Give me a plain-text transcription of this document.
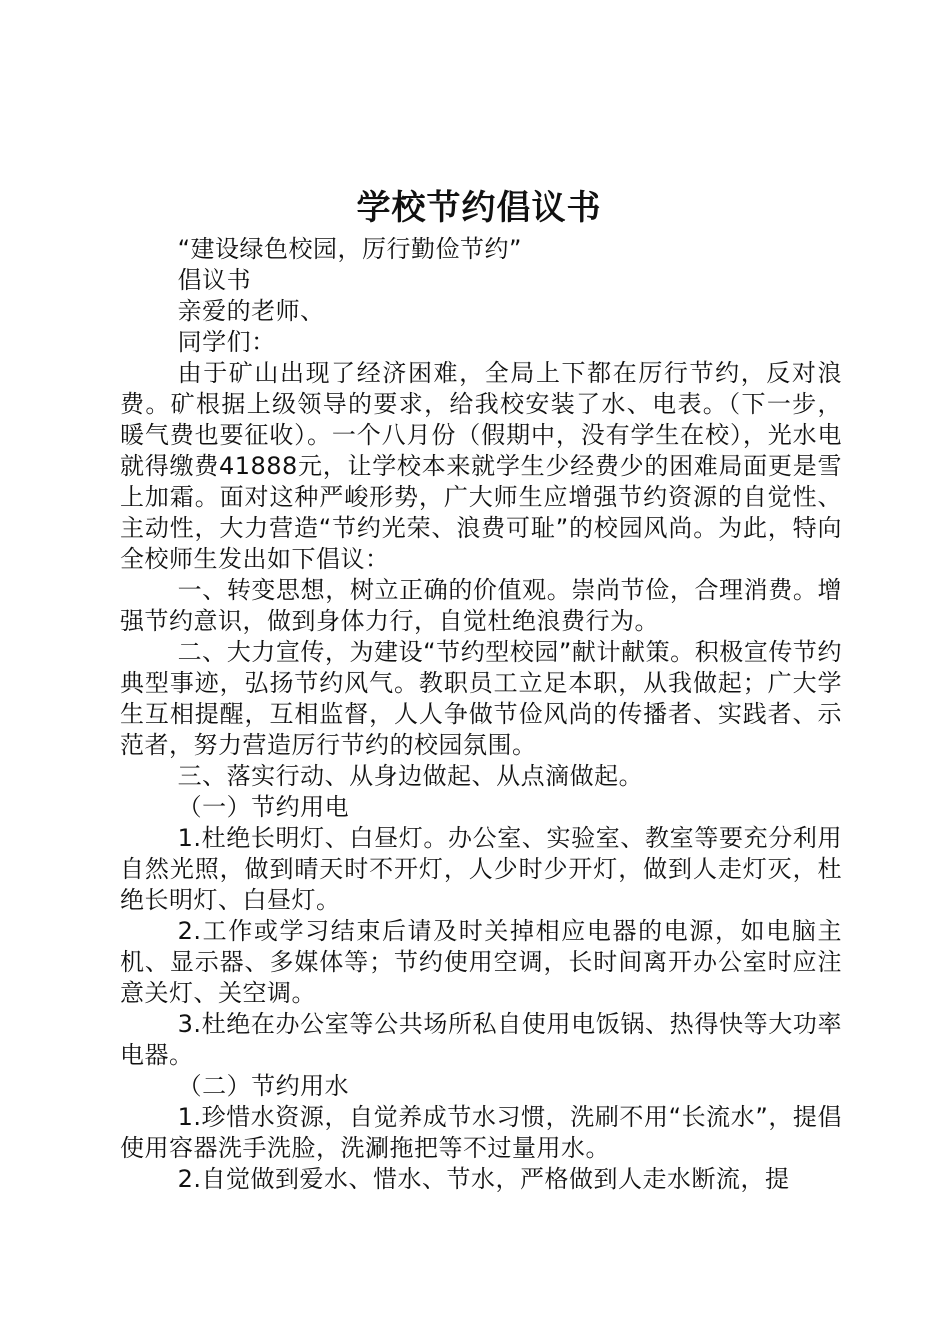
学校节约倡议书

“建设绿色校园，厉行勤俭节约”

倡议书

亲爱的老师、

同学们：

由于矿山出现了经济困难，全局上下都在厉行节约，反对浪费。矿根据上级领导的要求，给我校安装了水、电表。（下一步，暖气费也要征收）。一个八月份（假期中，没有学生在校），光水电就得缴费41888元，让学校本来就学生少经费少的困难局面更是雪上加霜。面对这种严峻形势，广大师生应增强节约资源的自觉性、主动性，大力营造“节约光荣、浪费可耻”的校园风尚。为此，特向全校师生发出如下倡议：

一、转变思想，树立正确的价值观。崇尚节俭，合理消费。增强节约意识，做到身体力行，自觉杜绝浪费行为。

二、大力宣传，为建设“节约型校园”献计献策。积极宣传节约典型事迹，弘扬节约风气。教职员工立足本职，从我做起；广大学生互相提醒，互相监督，人人争做节俭风尚的传播者、实践者、示范者，努力营造厉行节约的校园氛围。

三、落实行动、从身边做起、从点滴做起。

（一）节约用电

1.杜绝长明灯、白昼灯。办公室、实验室、教室等要充分利用自然光照，做到晴天时不开灯，人少时少开灯，做到人走灯灭，杜绝长明灯、白昼灯。

2.工作或学习结束后请及时关掉相应电器的电源，如电脑主机、显示器、多媒体等；节约使用空调，长时间离开办公室时应注意关灯、关空调。

3.杜绝在办公室等公共场所私自使用电饭锅、热得快等大功率电器。

（二）节约用水

1.珍惜水资源，自觉养成节水习惯，洗刷不用“长流水”，提倡使用容器洗手洗脸，洗涮拖把等不过量用水。

2.自觉做到爱水、惜水、节水，严格做到人走水断流，提
